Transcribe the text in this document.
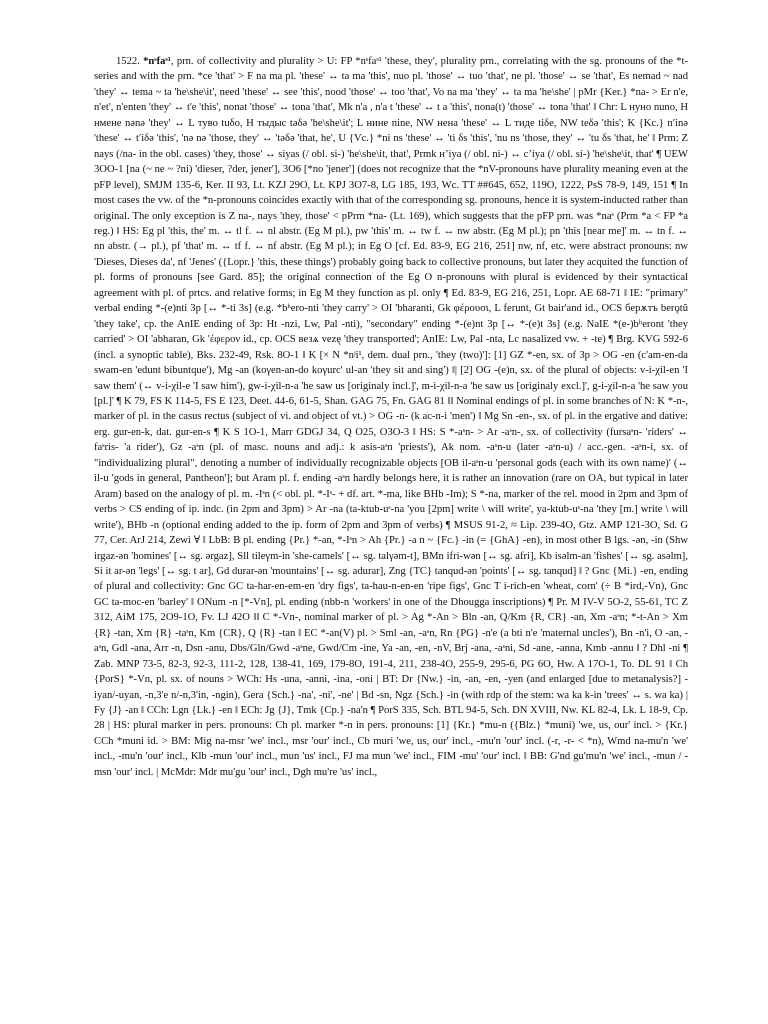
1522. *nˢfaˢ¹, prn. of collectivity and plurality > U: FP *nˢfaˢ¹ 'these, they', plurality prn., correlating with the sg. pronouns of the *t-series and with the prn. *ce 'that' > F na ma pl. 'these' ↔ ta ma 'this', nuo pl. 'those' ↔ tuo 'that', ne pl. 'those' ↔ se 'that', Es nemad ~ nad 'they' ↔ tema ~ ta 'he\she\it', need 'these' ↔ see 'this', nood 'those' ↔ too 'that', Vo na ma 'they' ↔ ta ma 'he\she' | pMr {Ker.} *na- > Er n'e, n'et', n'enten 'they' ↔ t'e 'this', nonat 'those' ↔ tona 'that', Mk n'a , n'a t 'these' ↔ t a 'this', nona(t) 'those' ↔ tona 'that' ‖ Chr: L нуно nuno, H нмене nənə 'they' ↔ L туво tuδo, H тыдыс təδə 'he\she\it'; L нине nine, NW нена 'these' ↔ L тиде tiδe, NW teδə 'this'; K {Kc.} nʹinə 'these' ↔ tʹiδə 'this', 'nə nə 'those, they' ↔ 'təδə 'that, he', U {Vc.} *ni ns 'these' ↔ 'ti δs 'this', 'nu ns 'those, they' ↔ 'tu δs 'that, he' ‖ Prm: Z nays (/na- in the obl. cases) 'they, those' ↔ siyas (/ obl. si-) 'he\she\it, that', Prmk нʼiya (/ obl. ni-) ↔ cʼiya (/ obl. si-) 'he\she\it, that' ¶ UEW 3OO-1 [na (~ ne ~ ?ni) 'dieser, ?der, jener'], 3O6 [*no 'jener'] (does not recognize that the *nV-pronouns have plurality meaning even at the pFP level), SMJM 135-6, Ker. II 93, Lt. KZJ 29O, Lt. KPJ 3O7-8, LG 185, 193, Wc. TT ##645, 652, 119O, 1222, PsS 78-9, 149, 151 ¶ In most cases the vw. of the *n-pronouns coincides exactly with that of the corresponding sg. pronouns, hence it is system-inducted rather than original. The only exception is Z na-, nays 'they, those' < pPrm *na- (Lt. 169), which suggests that the pFP prn. was *naˢ (Prm *a < FP *a reg.) ‖ HS: Eg pl 'this, the' m. ↔ tl f. ↔ nl abstr. (Eg M pl.), pw 'this' m. ↔ tw f. ↔ nw abstr. (Eg M pl.); pn 'this [near me]' m. ↔ tn f. ↔ nn abstr. (→ pl.), pf 'that' m. ↔ tf f. ↔ nf abstr. (Eg M pl.); in Eg O [cf. Ed. 83-9, EG 216, 251] nw, nf, etc. were abstract pronouns: nw 'Dieses, Dieses da', nf 'Jenes' ({Lopr.} 'this, these things') probably going back to collective pronouns, but later they acquited the function of pl. forms of pronouns [see Gard. 85]; the original connection of the Eg O n-pronouns with plural is evidenced by their syntactical agreement with pl. of prtcs. and relative forms; in Eg M they function as pl. only ¶ Ed. 83-9, EG 216, 251, Lopr. AE 68-71 ‖ IE: "primary" verbal ending *-(e)nti 3p [↔ *-ti 3s] (e.g. *bʰero-nti 'they carry' > OI 'bharanti, Gk φέρουσι, L ferunt, Gt bair'and id., OCS берѫтъ berǫtŭ 'they take', cp. the AnIE ending of 3p: Ht -nzi, Lw, Pal -nti), "secondary" ending *-(e)nt 3p [↔ *-(e)t 3s] (e.g. NaIE *(e-)bʰeront 'they carried' > OI 'abharan, Gk 'έφερον id., cp. OCS везѧ vezę 'they transported'; AnIE: Lw, Pal -nta, Lc nasalized vw. + -te) ¶ Brg. KVG 592-6 (incl. a synoptic table), Bks. 232-49, Rsk. 8O-1 ‖ K [× N *nʲi¹, dem. dual prn., 'they (two)']: [1] GZ *-en, sx. of 3p > OG -en (c'am-en-da swam-en 'edunt bibuntque'), Mg -an (koγen-an-do koγurc' ul-an 'they sit and sing') ‖| [2] OG -(e)n, sx. of the plural of objects: v-i-χil-en 'I saw them' (↔ v-i-χil-e 'I saw him'), gw-i-χil-n-a 'he saw us [originaly incl.]', m-i-χil-n-a 'he saw us [originaly excl.]', g-i-χil-n-a 'he saw you [pl.]' ¶ K 79, FS K 114-5, FS E 123, Deet. 44-6, 61-5, Shan. GAG 75, Fn. GAG 81 ‖‖ Nominal endings of pl. in some branches of N: K *-n-, marker of pl. in the casus rectus (subject of vi. and object of vt.) > OG -n- (k ac-n-i 'men') ‖ Mg Sn -en-, sx. of pl. in the ergative and dative: erg. gur-en-k, dat. gur-en-s ¶ K S 1O-1, Marr GDGJ 34, Q O25, O3O-3 ‖ HS: S *-aˢn- > Ar -aˢn-, sx. of collectivity (fursaˢn- 'riders' ↔ faˢris- 'a rider'), Gz -aˢn (pl. of masc. nouns and adj.: k asis-aˢn 'priests'), Ak nom. -aˢn-u (later -aˢn-u) / acc.-gen. -aˢn-i, sx. of "individualizing plural", denoting a number of individually recognizable objects [OB il-aˢn-u 'personal gods (each with its own name)' (↔ il-u 'gods in general, Pantheon']; but Aram pl. f. ending -aˢn hardly belongs here, it is rather an innovation (rare on OA, but typical in later Aram) based on the analogy of pl. m. -Iˢn (< obl. pl. *-Iˢ- + df. art. *-ma, like BHb -Im); S *-na, marker of the rel. mood in 2pm and 3pm of verbs > CS ending of ip. indc. (in 2pm and 3pm) > Ar -na (ta-ktub-uˢ-na 'you [2pm] write \ will write', ya-ktub-uˢ-na 'they [m.] write \ will write'), BHb -n (optional ending added to the ip. form of 2pm and 3pm of verbs) ¶ MSUS 91-2, ≈ Lip. 239-4O, Gtz. AMP 121-3O, Sd. G 77, Cer. ArJ 214, Zewi ∀ ‖ LbB: B pl. ending {Pr.} *-an, *-Iˢn > Ah {Pr.} -a n ~ {Fc.} -in (= {GhA} -en), in most other B lgs. -ən, -in (Shw irgaz-ən 'homines' [↔ sg. ərgaz], Sll tileγm-in 'she-camels' [↔ sg. talγəm-t], BMn ifri-wən [↔ sg. afri], Kb isəlm-an 'fishes' [↔ sg. asəlm], Si it ar-ən 'legs' [↔ sg. t ar], Gd durar-ən 'mountains' [↔ sg. adurar], Zng {TC} tanqud-ən 'points' [↔ sg. tanqud] ‖ ? Gnc {Mi.} -en, ending of plural and collectivity: Gnc GC ta-har-en-em-en 'dry figs', ta-hau-n-en-en 'ripe figs', Gnc T i-rich-en 'wheat, corn' (÷ B *ird,-Vn), Gnc GC ta-moc-en 'barley' ‖ ONum -n [*-Vn], pl. ending (nbb-n 'workers' in one of the Dhougga inscriptions) ¶ Pr. M IV-V 5O-2, 55-61, TC Z 312, AiM 175, 2O9-1O, Fv. LJ 42O ‖‖ C *-Vn-, nominal marker of pl. > Ag *-An > Bln -an, Q/Km {R, CR} -an, Xm -aˢn; *-t-An > Xm {R} -tan, Xm {R} -taˢn, Km {CR}, Q {R} -tan ‖ EC *-an(V) pl. > Sml -an, -aˢn, Rn {PG} -n'e (a bti n'e 'maternal uncles'), Bn -n'i, O -an, -aˢn, Gdl -ana, Arr -n, Dsn -anu, Dbs/Gln/Gwd -aˢne, Gwd/Cm -ine, Ya -an, -en, -nV, Brj -ana, -aˢni, Sd -ane, -anna, Kmb -annu ‖ ? Dhl -ni ¶ Zab. MNP 73-5, 82-3, 92-3, 111-2, 128, 138-41, 169, 179-8O, 191-4, 211, 238-4O, 255-9, 295-6, PG 6O, Hw. A 17O-1, To. DL 91 ‖ Ch {PorS} *-Vn, pl. sx. of nouns > WCh: Hs -una, -anni, -ina, -oni | BT: Dr {Nw.} -in, -an, -en, -yen (and enlarged [due to metanalysis?] -iyan/-uyan, -n,3'e n/-n,3'in, -ngin), Gera {Sch.} -na', -ni', -ne' | Bd -sn, Ngz {Sch.} -in (with rdp of the stem: wa ka k-in 'trees' ↔ s. wa ka) | Fy {J} -an ‖ CCh: Lgn {Lk.} -en ‖ ECh: Jg {J}, Tmk {Cp.} -na'n ¶ PorS 335, Sch. BTL 94-5, Sch. DN XVIII, Nw. KL 82-4, Lk. L 18-9, Cp. 28 | HS: plural marker in pers. pronouns: Ch pl. marker *-n in pers. pronouns: [1] {Kr.} *mu-n ({Blz.} *muni) 'we, us, our' incl. > {Kr.} CCh *muni id. > BM: Mig na-msr 'we' incl., msr 'our' incl., Cb muri 'we, us, our' incl., -mu'n 'our' incl. (-r, -r- < *n), Wmd na-mu'n 'we' incl., -mu'n 'our' incl., Klb -mun 'our' incl., mun 'us' incl., FJ ma mun 'we' incl., FIM -mu' 'our' incl. ‖ BB: G'nd gu'mu'n 'we' incl., -mun / -msn 'our' incl. | McMdr: Mdr mu'gu 'our' incl., Dgh mu're 'us' incl.,
